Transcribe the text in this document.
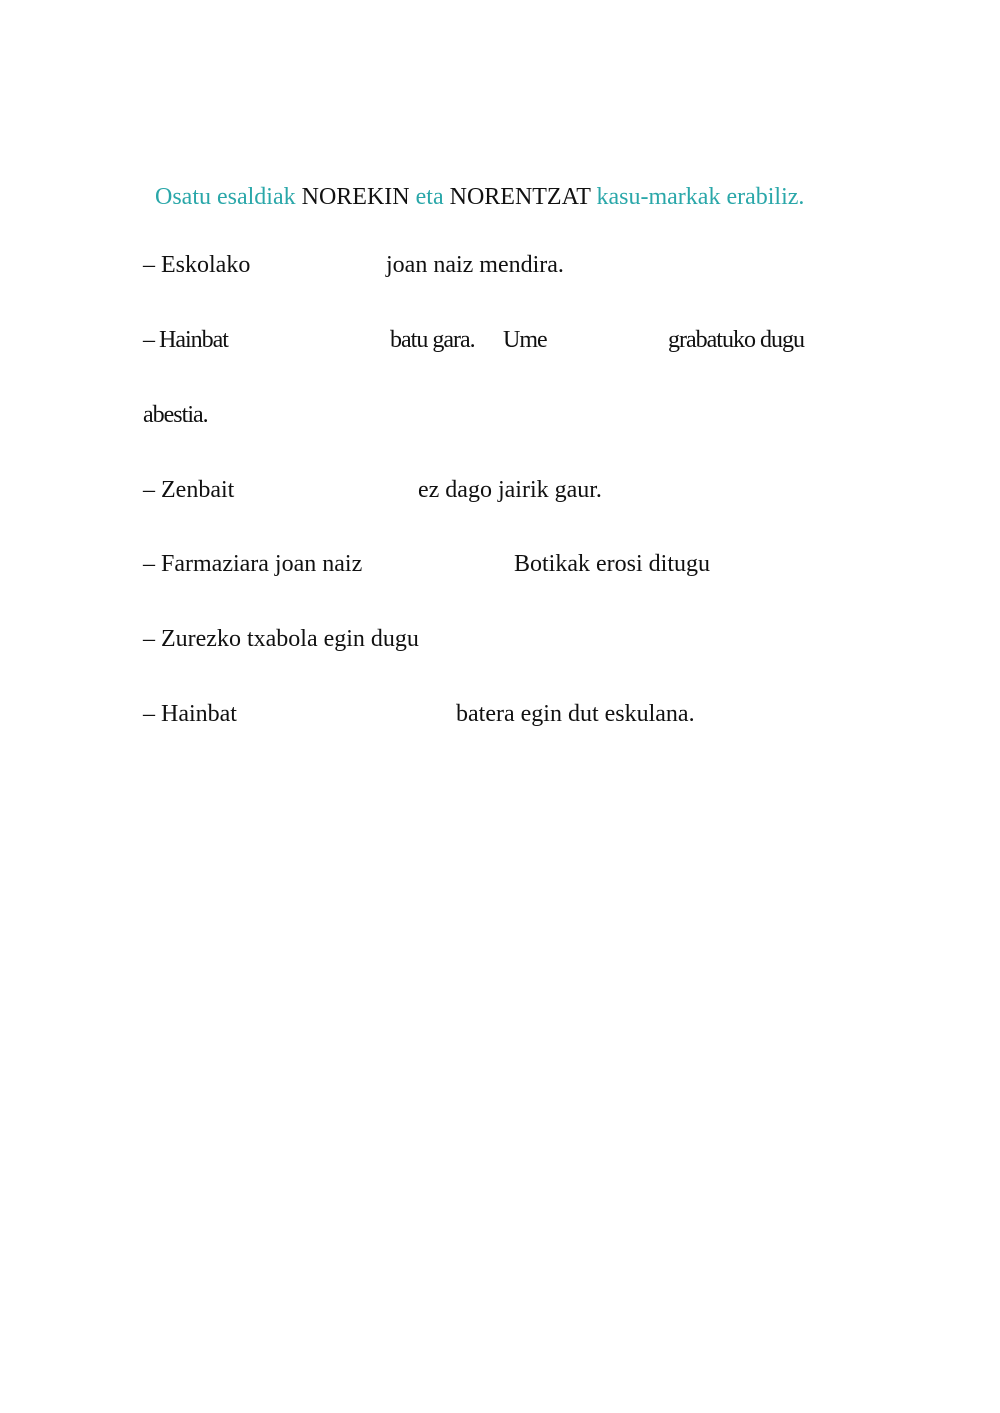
Osatu esaldiak NOREKIN eta NORENTZAT kasu-markak erabiliz.
– Eskolako	joan naiz mendira.
– Hainbat	batu gara. Ume	grabatuko dugu
abestia.
– Zenbait	ez dago jairik gaur.
– Farmaziara joan naiz	Botikak erosi ditugu
– Zurezko txabola egin dugu
– Hainbat	batera egin dut eskulana.
